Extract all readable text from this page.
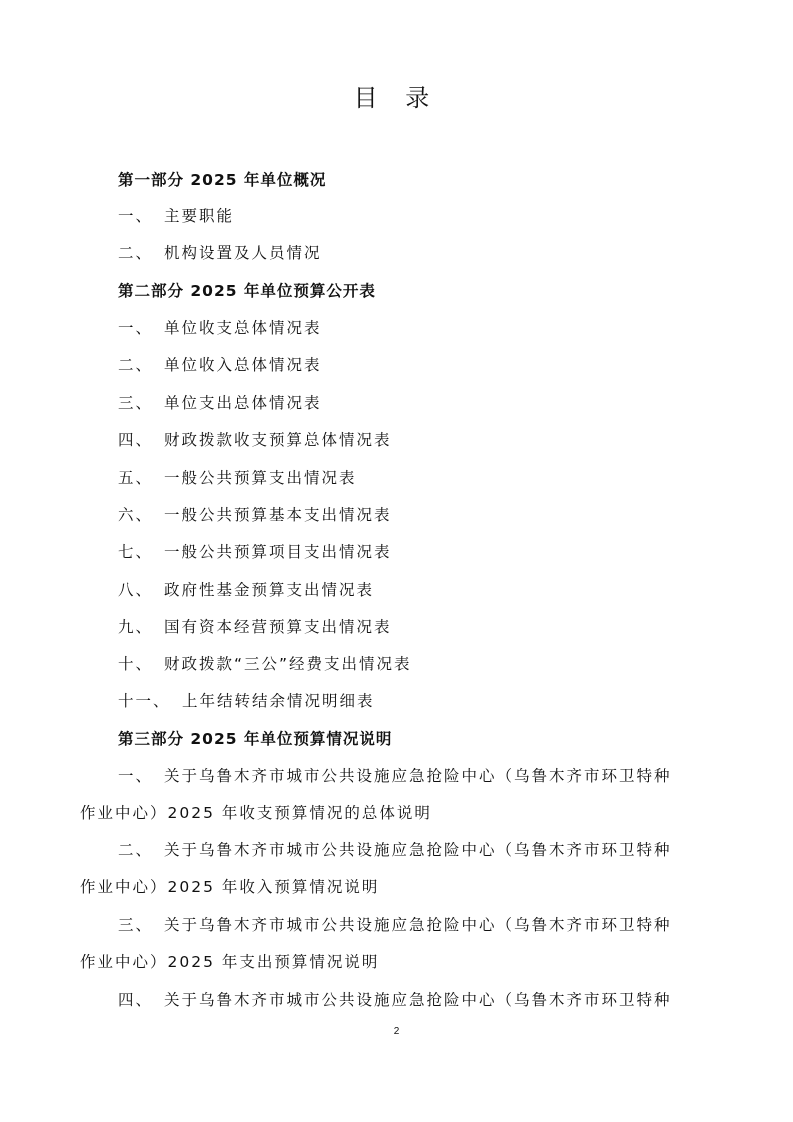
目 录
第一部分 2025 年单位概况
一、 主要职能
二、 机构设置及人员情况
第二部分 2025 年单位预算公开表
一、 单位收支总体情况表
二、 单位收入总体情况表
三、 单位支出总体情况表
四、 财政拨款收支预算总体情况表
五、 一般公共预算支出情况表
六、 一般公共预算基本支出情况表
七、 一般公共预算项目支出情况表
八、 政府性基金预算支出情况表
九、 国有资本经营预算支出情况表
十、 财政拨款“三公”经费支出情况表
十一、 上年结转结余情况明细表
第三部分 2025 年单位预算情况说明
一、 关于乌鲁木齐市城市公共设施应急抢险中心（乌鲁木齐市环卫特种
作业中心）2025 年收支预算情况的总体说明
二、 关于乌鲁木齐市城市公共设施应急抢险中心（乌鲁木齐市环卫特种
作业中心）2025 年收入预算情况说明
三、 关于乌鲁木齐市城市公共设施应急抢险中心（乌鲁木齐市环卫特种
作业中心）2025 年支出预算情况说明
四、 关于乌鲁木齐市城市公共设施应急抢险中心（乌鲁木齐市环卫特种
2
